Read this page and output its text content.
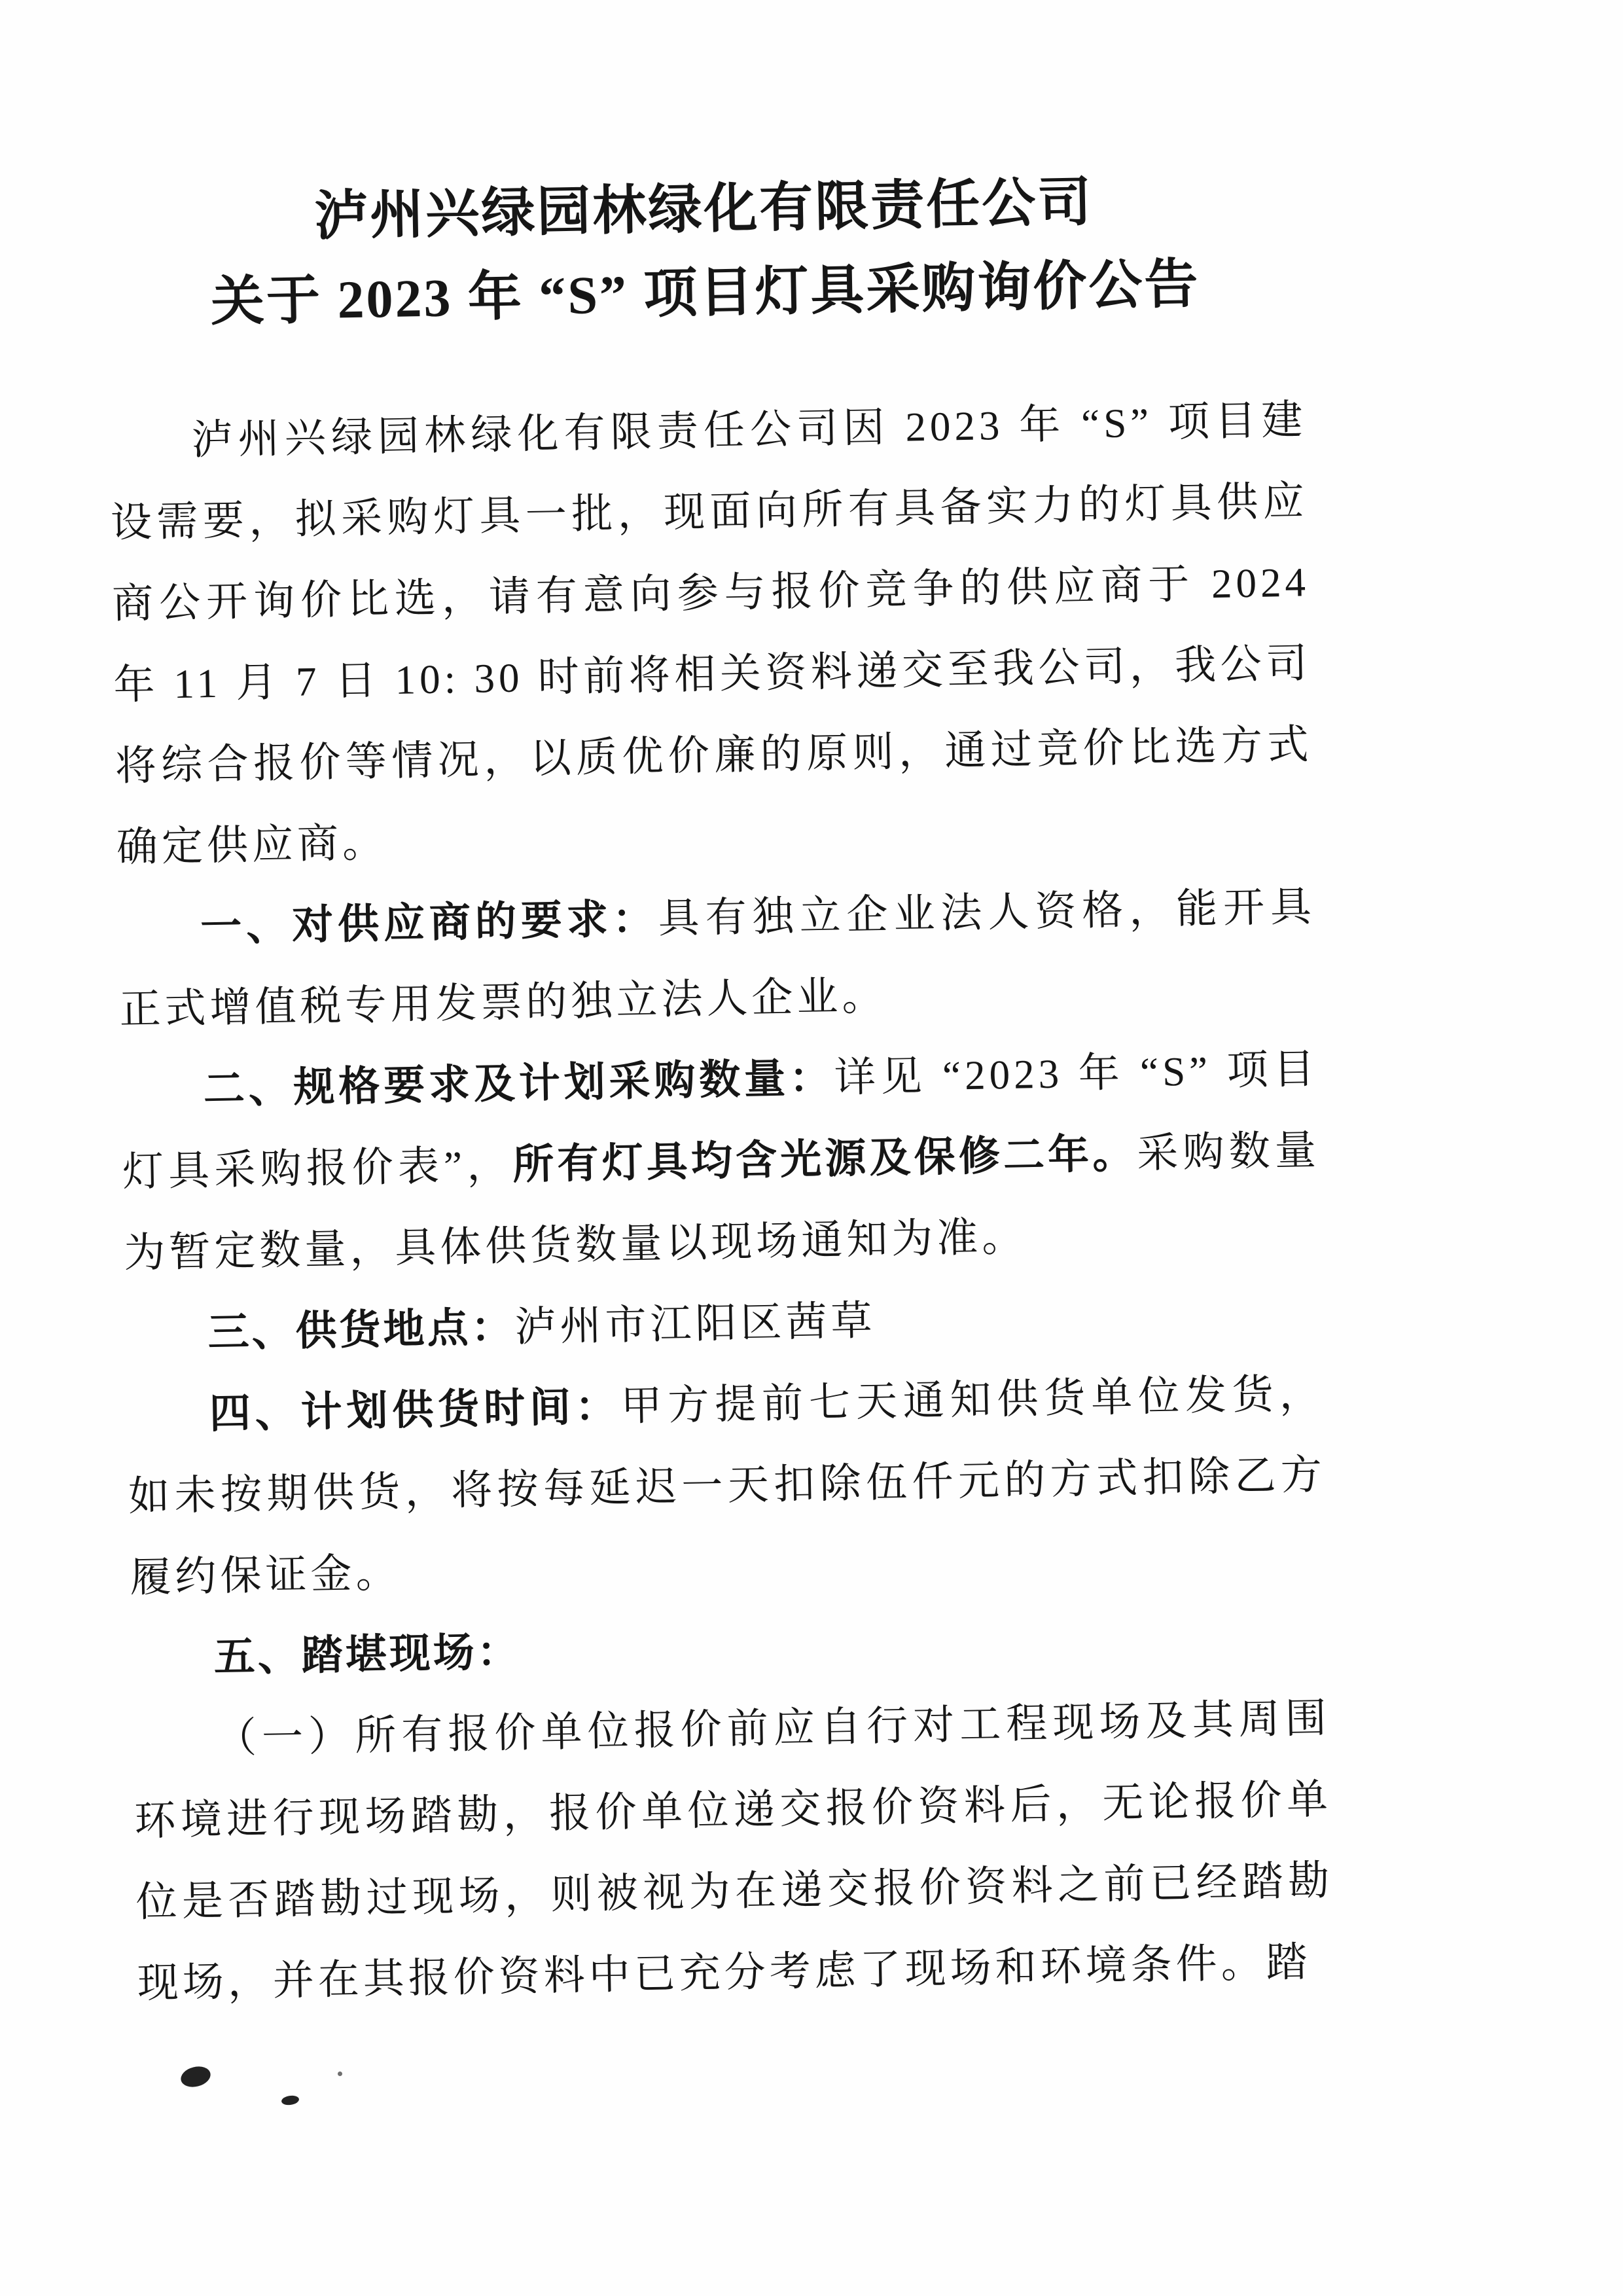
泸州兴绿园林绿化有限责任公司
关于 2023 年 “S” 项目灯具采购询价公告

泸州兴绿园林绿化有限责任公司因 2023 年 “S” 项目建设需要，拟采购灯具一批，现面向所有具备实力的灯具供应商公开询价比选，请有意向参与报价竞争的供应商于 2024 年 11 月 7 日 10: 30 时前将相关资料递交至我公司，我公司将综合报价等情况，以质优价廉的原则，通过竞价比选方式确定供应商。

一、对供应商的要求：具有独立企业法人资格，能开具正式增值税专用发票的独立法人企业。

二、规格要求及计划采购数量：详见 “2023 年 “S” 项目灯具采购报价表”，所有灯具均含光源及保修二年。采购数量为暂定数量，具体供货数量以现场通知为准。

三、供货地点：泸州市江阳区茜草

四、计划供货时间：甲方提前七天通知供货单位发货，如未按期供货，将按每延迟一天扣除伍仟元的方式扣除乙方履约保证金。

五、踏堪现场：

（一）所有报价单位报价前应自行对工程现场及其周围环境进行现场踏勘，报价单位递交报价资料后，无论报价单位是否踏勘过现场，则被视为在递交报价资料之前已经踏勘现场，并在其报价资料中已充分考虑了现场和环境条件。踏
